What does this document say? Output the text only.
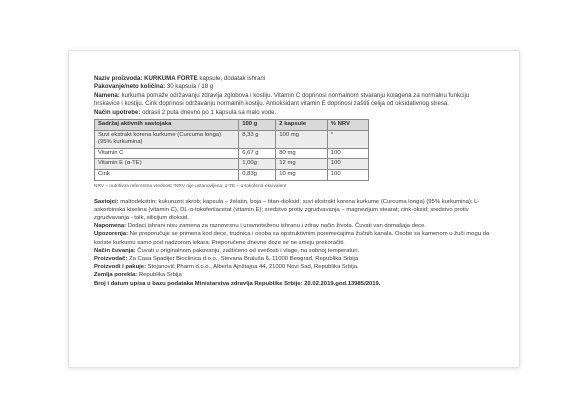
Naziv proizvoda: KURKUMA FORTE kapsule, dodatak ishrani
Pakovanje/neto količina: 30 kapsula / 18 g
Namena: kurkuma pomaže održavanju zdravlja zglobova i kostiju. Vitamin C doprinosi normalnom stvaranju kolagena za normalnu funkciju hrskavice i kostiju. Cink doprinosi održavanju normalnih kostiju. Antioksidant vitamin E doprinosi zaštiti ćelija od oksidativnog stresa.
Način upotrebe: odrasli 2 puta dnevno po 1 kapsula sa malo vode.
Sadržaj aktivnih sastojaka	100 g	2 kapsule	% NRV
Suvi ekstrakt korena kurkume (Curcuma longa) (95% kurkumina)	8,33 g	100 mg	*
Vitamin C	6,67 g	80 mg	100
Vitamin E (α-TE)	1,00g	12 mg	100
Cink	0,83g	10 mg	100
NRV – nutritivna referentna vrednost *NRV nije ustanovljena; α-TE – α-tokoferol-ekvivalent
Sastojci: maltodekstrin; kukuruzni skrob; kapsula – želatin, boja – titan-dioksid; suvi ekstrakt korena kurkume (Curcuma longa) (95% kurkumina); L-askorbinska kiselina (vitamin C), DL-α-tokoferilacetat (vitamin E); sredstvo protiv zgrudvavanja – magnezijum stearat; cink-oksid; sredstvo protiv zgrudvavanja - talk, silicijum dioksid.
Napomena: Dodaci ishrani nisu zamena za raznovrsnu i uravnoteženu ishranu i zdrav način života. Čuvati van domašaja dece.
Upozorenja: Ne preporučuje se primena kod dece, trudnica i osoba sa opstruktivnim poremećajima žučnih kanala. Osobe sa kamenom u žuči mogu da koriste kurkumu samo pod nadzorom lekara. Preporučene dnevne doze se ne smeju prekoračiti.
Način čuvanja: Čuvati u originalnom pakovanju, zaštićeno od svetlosti i vlage, na sobnoj temperaturi.
Proizvodač: Za Casa Spadijer Bioclinica d.o.o., Stevana Braluša 6, 11000 Beograd, Republika Srbija
Proizvodi i pakuje: Stojanović Pharm d.o.o., Alberta Ajnštajna 44, 21000 Novi Sad, Republika Srbija.
Zemlja porekla: Republika Srbija
Broj i datum upisa u bazu podataka Ministarstva zdravlja Republike Srbije: 20.02.2019.god.13985/2019.
